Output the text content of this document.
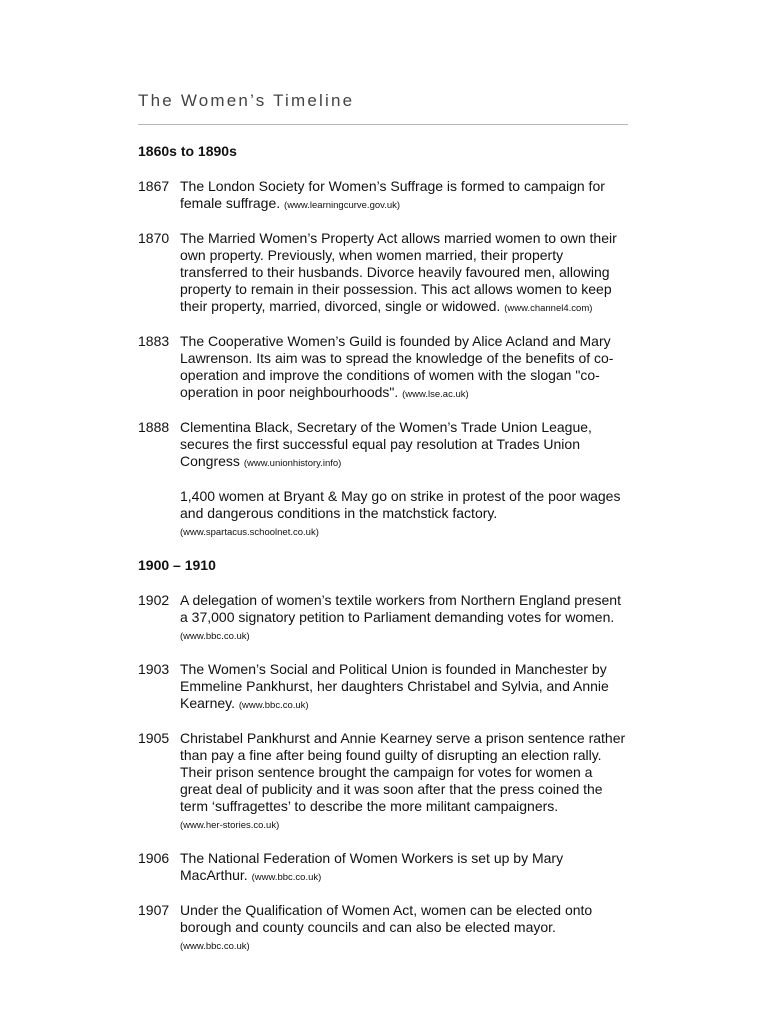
The Women’s Timeline
1860s to 1890s
1867 The London Society for Women’s Suffrage is formed to campaign for female suffrage. (www.learningcurve.gov.uk)

1870 The Married Women’s Property Act allows married women to own their own property. Previously, when women married, their property transferred to their husbands. Divorce heavily favoured men, allowing property to remain in their possession. This act allows women to keep their property, married, divorced, single or widowed. (www.channel4.com)

1883 The Cooperative Women’s Guild is founded by Alice Acland and Mary Lawrenson. Its aim was to spread the knowledge of the benefits of co-operation and improve the conditions of women with the slogan "co-operation in poor neighbourhoods". (www.lse.ac.uk)

1888 Clementina Black, Secretary of the Women’s Trade Union League, secures the first successful equal pay resolution at Trades Union Congress (www.unionhistory.info)

1,400 women at Bryant & May go on strike in protest of the poor wages and dangerous conditions in the matchstick factory.
(www.spartacus.schoolnet.co.uk)

1900 – 1910
1902 A delegation of women’s textile workers from Northern England present a 37,000 signatory petition to Parliament demanding votes for women.
(www.bbc.co.uk)

1903 The Women’s Social and Political Union is founded in Manchester by Emmeline Pankhurst, her daughters Christabel and Sylvia, and Annie Kearney. (www.bbc.co.uk)

1905 Christabel Pankhurst and Annie Kearney serve a prison sentence rather than pay a fine after being found guilty of disrupting an election rally. Their prison sentence brought the campaign for votes for women a great deal of publicity and it was soon after that the press coined the term ‘suffragettes’ to describe the more militant campaigners.
(www.her-stories.co.uk)

1906 The National Federation of Women Workers is set up by Mary MacArthur. (www.bbc.co.uk)

1907 Under the Qualification of Women Act, women can be elected onto borough and county councils and can also be elected mayor.
(www.bbc.co.uk)
